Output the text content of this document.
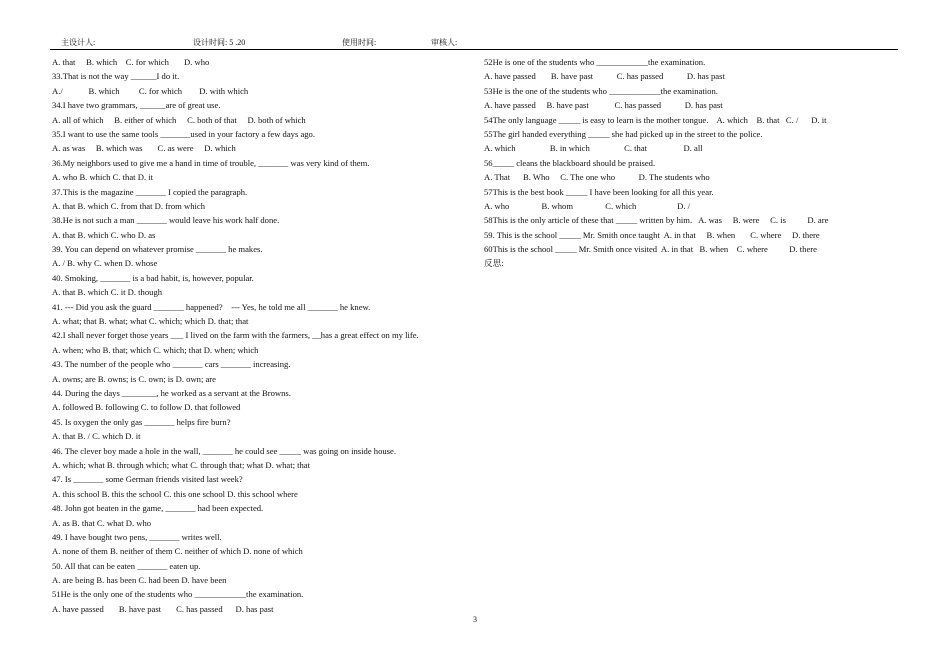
主设计人:	设计时间: 5 .20	使用时间:	审核人:
A. that     B. which    C. for which       D. who
33.That is not the way ______I do it.
A./            B. which         C. for which        D. with which
34.I have two grammars, ______are of great use.
A. all of which     B. either of which     C. both of that     D. both of which
35.I want to use the same tools _______used in your factory a few days ago.
A. as was     B. which was       C. as were     D. which
36.My neighbors used to give me a hand in time of trouble, _______ was very kind of them.
A. who B. which C. that D. it
37.This is the magazine _______ I copied the paragraph.
A. that B. which C. from that D. from which
38.He is not such a man _______ would leave his work half done.
A. that B. which C. who D. as
39. You can depend on whatever promise _______ he makes.
A. / B. why C. when D. whose
40. Smoking, _______ is a bad habit, is, however, popular.
A. that B. which C. it D. though
41. --- Did you ask the guard _______ happened?    --- Yes, he told me all _______ he knew.
A. what; that B. what; what C. which; which D. that; that
42.I shall never forget those years ___ I lived on the farm with the farmers, __has a great effect on my life.
A. when; who B. that; which C. which; that D. when; which
43. The number of the people who _______ cars _______ increasing.
A. owns; are B. owns; is C. own; is D. own; are
44. During the days ________, he worked as a servant at the Browns.
A. followed B. following C. to follow D. that followed
45. Is oxygen the only gas _______ helps fire burn?
A. that B. / C. which D. it
46. The clever boy made a hole in the wall, _______ he could see _____ was going on inside house.
A. which; what B. through which; what C. through that; what D. what; that
47. Is _______ some German friends visited last week?
A. this school B. this the school C. this one school D. this school where
48. John got beaten in the game, _______ had been expected.
A. as B. that C. what D. who
49. I have bought two pens, _______ writes well.
A. none of them B. neither of them C. neither of which D. none of which
50. All that can be eaten _______ eaten up.
A. are being B. has been C. had been D. have been
51He is the only one of the students who ____________the examination.
A. have passed       B. have past       C. has passed      D. has past
52He is one of the students who ____________the examination.
A. have passed       B. have past           C. has passed           D. has past
53He is the one of the students who ____________the examination.
A. have passed     B. have past            C. has passed           D. has past
54The only language _____ is easy to learn is the mother tongue.    A. which    B. that   C. /      D. it
55The girl handed everything _____ she had picked up in the street to the police.
A. which                B. in which                C. that                 D. all
56_____ cleans the blackboard should be praised.
A. That      B. Who     C. The one who           D. The students who
57This is the best book _____ I have been looking for all this year.
A. who               B. whom               C. which                   D. /
58This is the only article of these that _____ written by him.   A. was     B. were     C. is          D. are
59. This is the school _____ Mr. Smith once taught  A. in that     B. when       C. where     D. there
60This is the school _____ Mr. Smith once visited  A. in that   B. when    C. where          D. there
反思:
3
